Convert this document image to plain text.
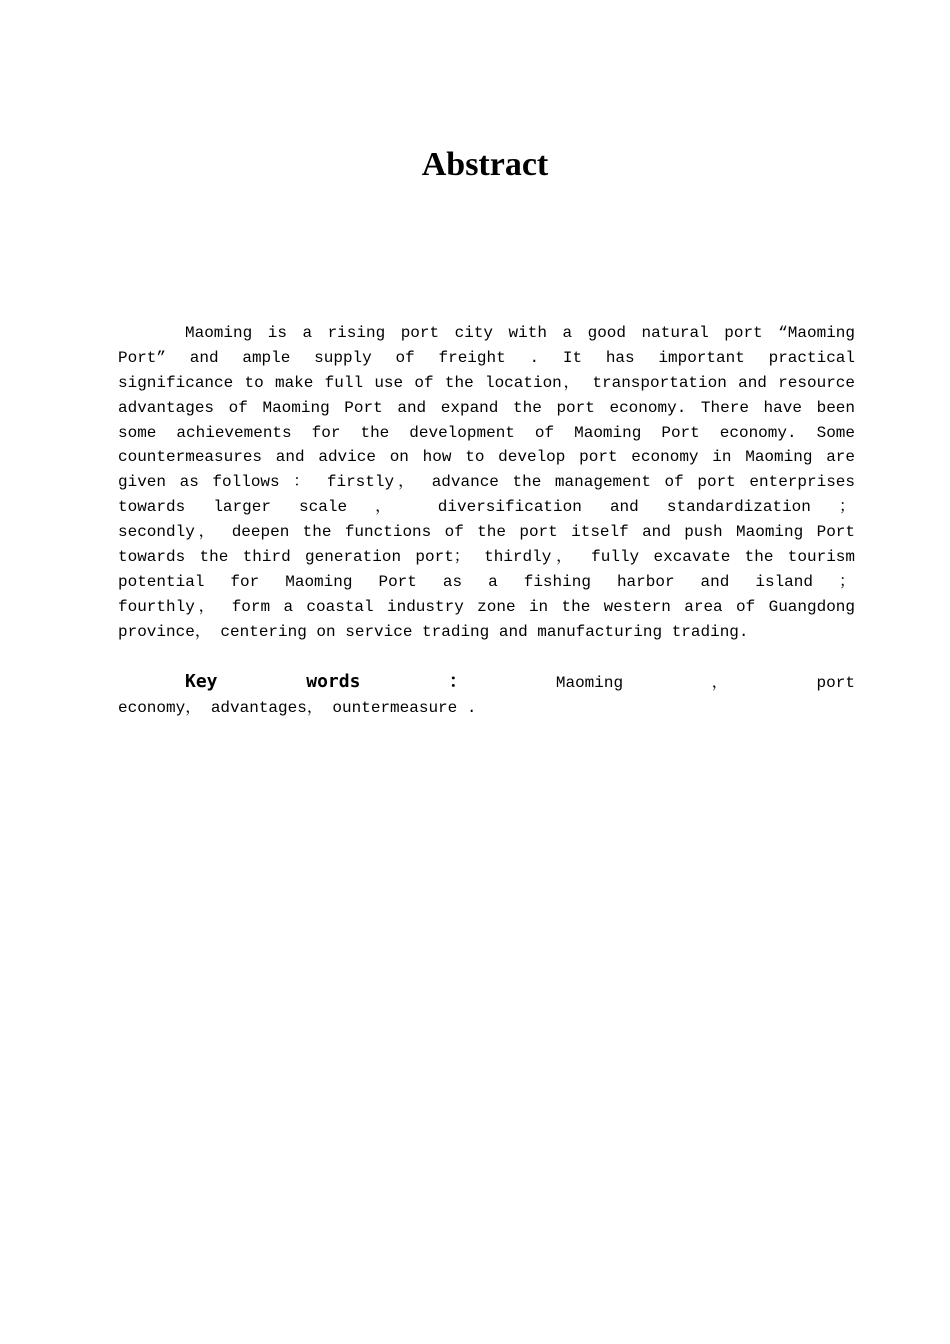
Abstract
Maoming is a rising port city with a good natural port “Maoming
Port” and ample supply of freight . It has important practical
significance to make full use of the location， transportation and resource
advantages of Maoming Port and expand the port economy. There have been
some achievements for the development of Maoming Port economy. Some
countermeasures and advice on how to develop port economy in Maoming are
given as follows ： firstly， advance the management of port enterprises
towards larger scale ， diversification and standardization ；
secondly， deepen the functions of the port itself and push Maoming Port
towards the third generation port； thirdly， fully excavate the tourism
potential for Maoming Port as a fishing harbor and island ；
fourthly， form a coastal industry zone in the western area of Guangdong
province， centering on service trading and manufacturing trading.
Key	words	：	Maoming	，	port
economy， advantages， ountermeasure .
